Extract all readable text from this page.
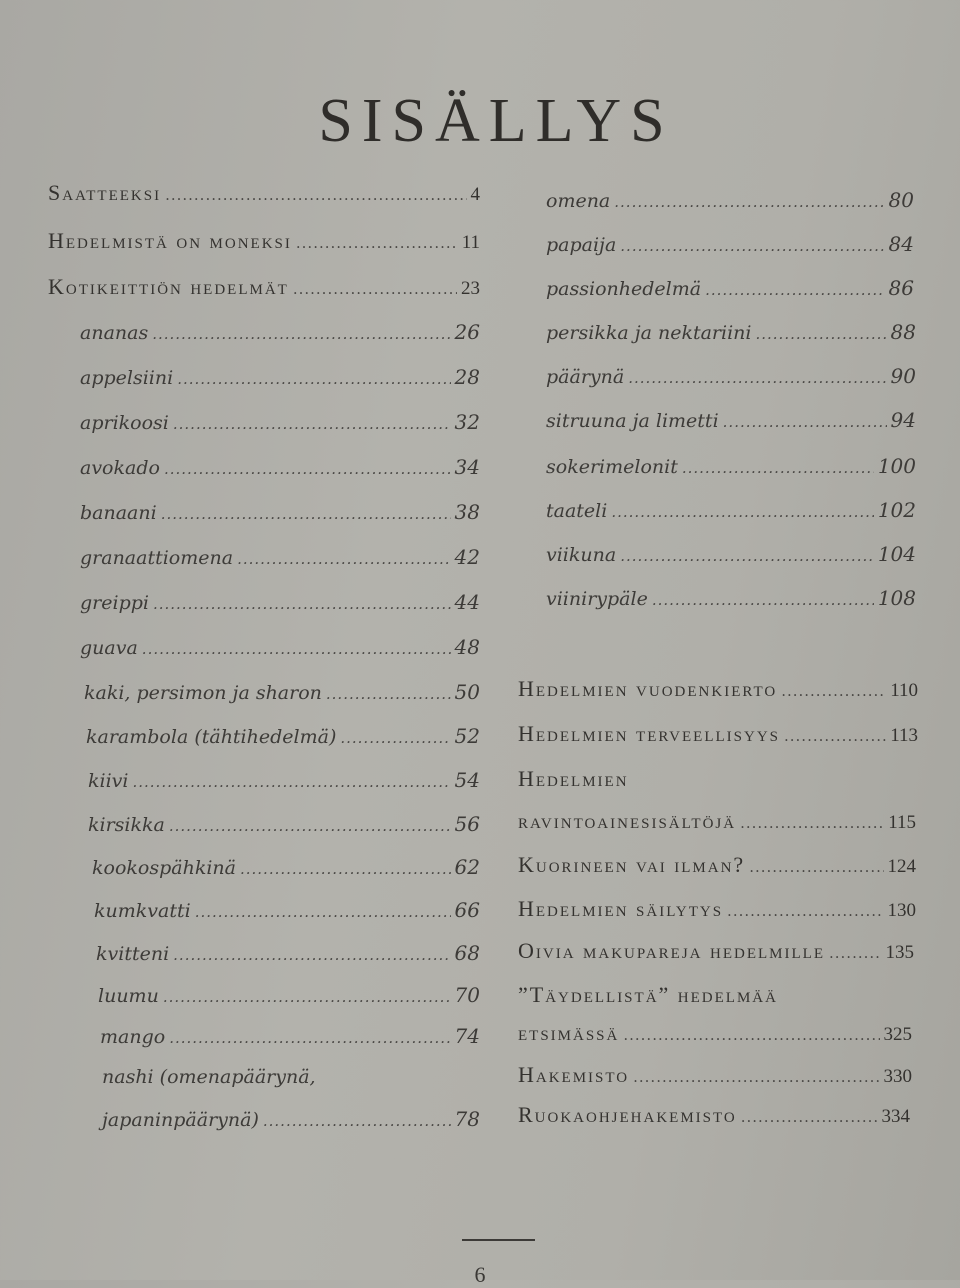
SISÄLLYS
Saatteeksi .....	4
Hedelmistä on moneksi .....	11
Kotikeittiön hedelmät .....	23
ananas .....	26
appelsiini .....	28
aprikoosi .....	32
avokado .....	34
banaani .....	38
granaattiomena .....	42
greippi .....	44
guava .....	48
kaki, persimon ja sharon .....	50
karambola (tähtihedelmä) .....	52
kiivi .....	54
kirsikka .....	56
kookospähkinä .....	62
kumkvatti .....	66
kvitteni .....	68
luumu .....	70
mango .....	74
nashi (omenapäärynä,
japaninpäärynä) .....	78
omena .....	80
papaija .....	84
passionhedelmä .....	86
persikka ja nektariini .....	88
päärynä .....	90
sitruuna ja limetti .....	94
sokerimelonit .....	100
taateli .....	102
viikuna .....	104
viinirypäle .....	108
Hedelmien vuodenkierto .....	110
Hedelmien terveellisyys .....	113
Hedelmien
ravintoainesisältöjä .....	115
Kuorineen vai ilman? .....	124
Hedelmien säilytys .....	130
Oivia makupareja hedelmille .....	135
”Täydellistä” hedelmää
etsimässä .....	325
Hakemisto .....	330
Ruokaohjehakemisto .....	334
6
